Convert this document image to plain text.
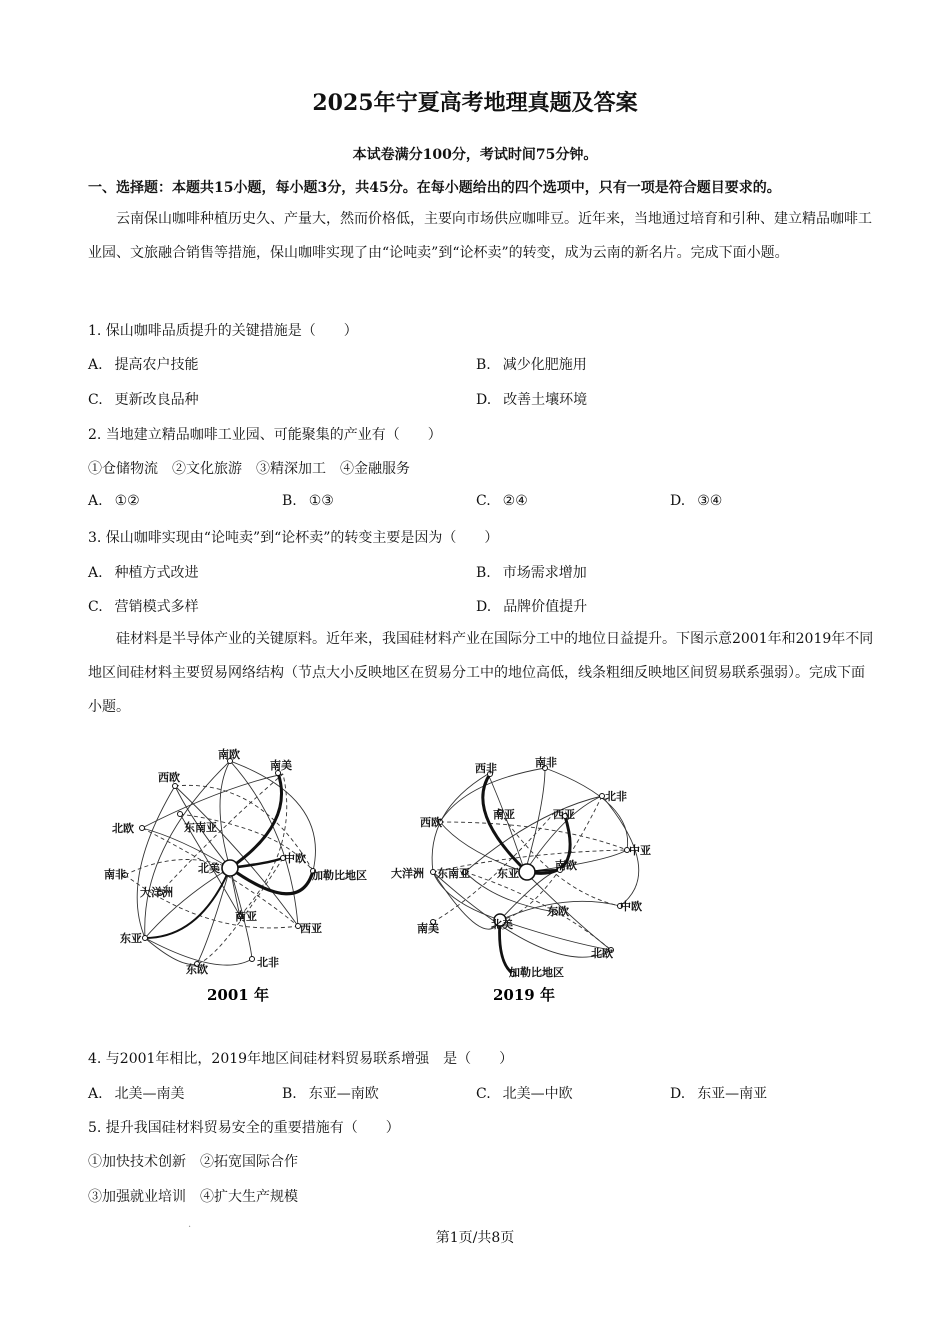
2025年宁夏高考地理真题及答案
本试卷满分100分，考试时间75分钟。
一、选择题：本题共15小题，每小题3分，共45分。在每小题给出的四个选项中，只有一项是符合题目要求的。

云南保山咖啡种植历史久、产量大，然而价格低，主要向市场供应咖啡豆。近年来，当地通过培育和引种、建立精品咖啡工业园、文旅融合销售等措施，保山咖啡实现了由“论吨卖”到“论杯卖”的转变，成为云南的新名片。完成下面小题。

1. 保山咖啡品质提升的关键措施是（　　）
A. 提高农户技能	B. 减少化肥施用
C. 更新改良品种	D. 改善土壤环境
2. 当地建立精品咖啡工业园、可能聚集的产业有（　　）
①仓储物流　②文化旅游　③精深加工　④金融服务
A. ①②	B. ①③	C. ②④	D. ③④
3. 保山咖啡实现由“论吨卖”到“论杯卖”的转变主要是因为（　　）
A. 种植方式改进	B. 市场需求增加
C. 营销模式多样	D. 品牌价值提升

硅材料是半导体产业的关键原料。近年来，我国硅材料产业在国际分工中的地位日益提升。下图示意2001年和2019年不同地区间硅材料主要贸易网络结构（节点大小反映地区在贸易分工中的地位高低，线条粗细反映地区间贸易联系强弱）。完成下面小题。

南欧
西欧
南美
北欧	东南亚
中欧
南非	北美
加勒比地区
大洋洲
南亚
西亚
东亚
北非
东欧
2001 年
西非	南非
北非
西欧
南亚	西亚
中亚
大洋洲 东南亚 东亚
南欧
中欧
东欧
南美	北美
北欧
加勒比地区
2019 年
4. 与2001年相比，2019年地区间硅材料贸易联系增强　是（　　）
A. 北美—南美	B. 东亚—南欧	C. 北美—中欧	D. 东亚—南亚
5. 提升我国硅材料贸易安全的重要措施有（　　）
①加快技术创新　②拓宽国际合作
③加强就业培训　④扩大生产规模
·
第1页/共8页
